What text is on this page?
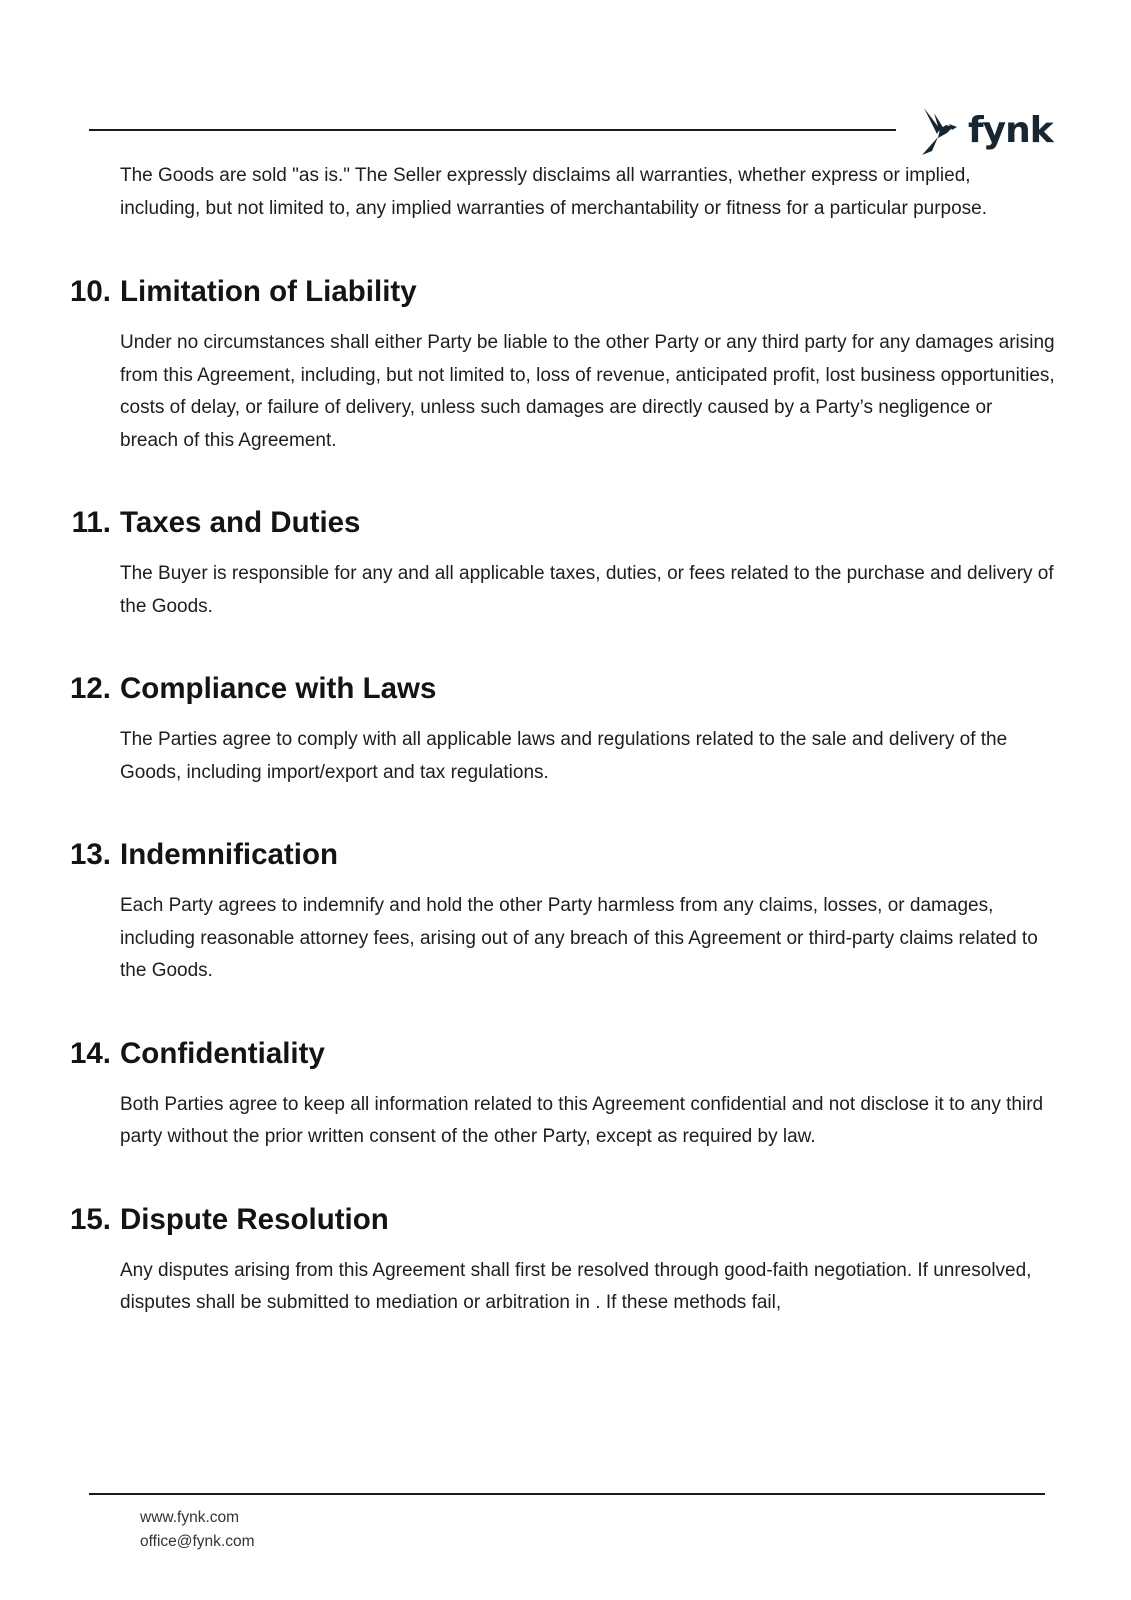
fynk

The Goods are sold "as is." The Seller expressly disclaims all warranties, whether express or implied, including, but not limited to, any implied warranties of merchantability or fitness for a particular purpose.

10. Limitation of Liability

Under no circumstances shall either Party be liable to the other Party or any third party for any damages arising from this Agreement, including, but not limited to, loss of revenue, anticipated profit, lost business opportunities, costs of delay, or failure of delivery, unless such damages are directly caused by a Party’s negligence or breach of this Agreement.

11. Taxes and Duties

The Buyer is responsible for any and all applicable taxes, duties, or fees related to the purchase and delivery of the Goods.

12. Compliance with Laws

The Parties agree to comply with all applicable laws and regulations related to the sale and delivery of the Goods, including import/export and tax regulations.

13. Indemnification

Each Party agrees to indemnify and hold the other Party harmless from any claims, losses, or damages, including reasonable attorney fees, arising out of any breach of this Agreement or third-party claims related to the Goods.

14. Confidentiality

Both Parties agree to keep all information related to this Agreement confidential and not disclose it to any third party without the prior written consent of the other Party, except as required by law.

15. Dispute Resolution

Any disputes arising from this Agreement shall first be resolved through good-faith negotiation. If unresolved, disputes shall be submitted to mediation or arbitration in . If these methods fail,

www.fynk.com
office@fynk.com
